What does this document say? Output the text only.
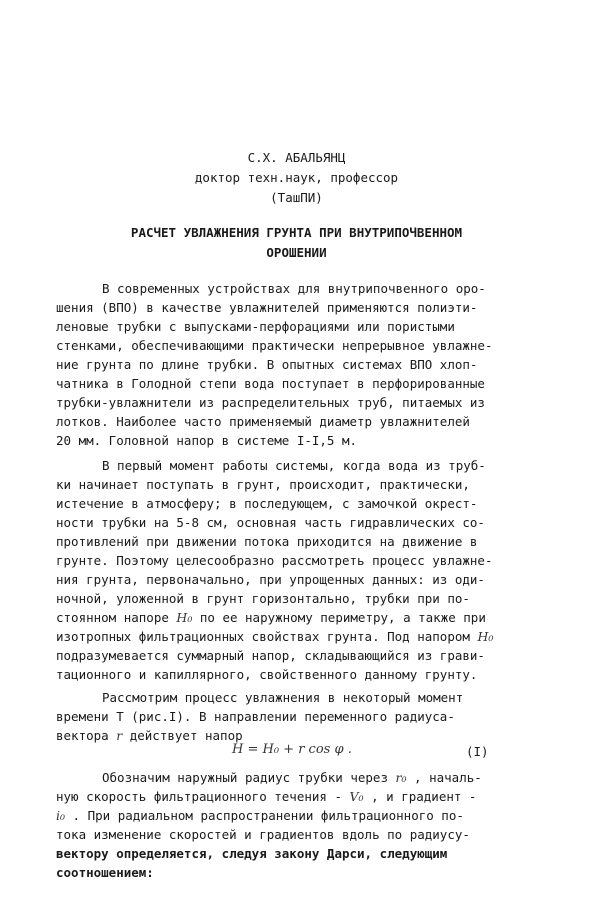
С.Х. АБАЛЬЯНЦ
доктор техн.наук, профессор
(ТашПИ)
РАСЧЕТ УВЛАЖНЕНИЯ ГРУНТА ПРИ ВНУТРИПОЧВЕННОМ
ОРОШЕНИИ
В современных устройствах для внутрипочвенного оро-
шения (ВПО) в качестве увлажнителей применяются полиэти-
леновые трубки с выпусками-перфорациями или пористыми
стенками, обеспечивающими практически непрерывное увлажне-
ние грунта по длине трубки. В опытных системах ВПО хлоп-
чатника в Голодной степи вода поступает в перфорированные
трубки-увлажнители из распределительных труб, питаемых из
лотков. Наиболее часто применяемый диаметр увлажнителей
20 мм. Головной напор в системе I-I,5 м.
В первый момент работы системы, когда вода из труб-
ки начинает поступать в грунт, происходит, практически,
истечение в атмосферу; в последующем, с замочкой окрест-
ности трубки на 5-8 см, основная часть гидравлических со-
противлений при движении потока приходится на движение в
грунте. Поэтому целесообразно рассмотреть процесс увлажне-
ния грунта, первоначально, при упрощенных данных: из оди-
ночной, уложенной в грунт горизонтально, трубки при по-
стоянном напоре H₀ по ее наружному периметру, а также при
изотропных фильтрационных свойствах грунта. Под напором H₀
подразумевается суммарный напор, складывающийся из грави-
тационного и капиллярного, свойственного данному грунту.
Рассмотрим процесс увлажнения в некоторый момент
времени Т (рис.I). В направлении переменного радиуса-
вектора r действует напор
H = H₀ + r cos φ .	(I)
Обозначим наружный радиус трубки через r₀ , началь-
ную скорость фильтрационного течения - V₀ , и градиент -
i₀ . При радиальном распространении фильтрационного по-
тока изменение скоростей и градиентов вдоль по радиусу-
вектору определяется, следуя закону Дарси, следующим
соотношением:
